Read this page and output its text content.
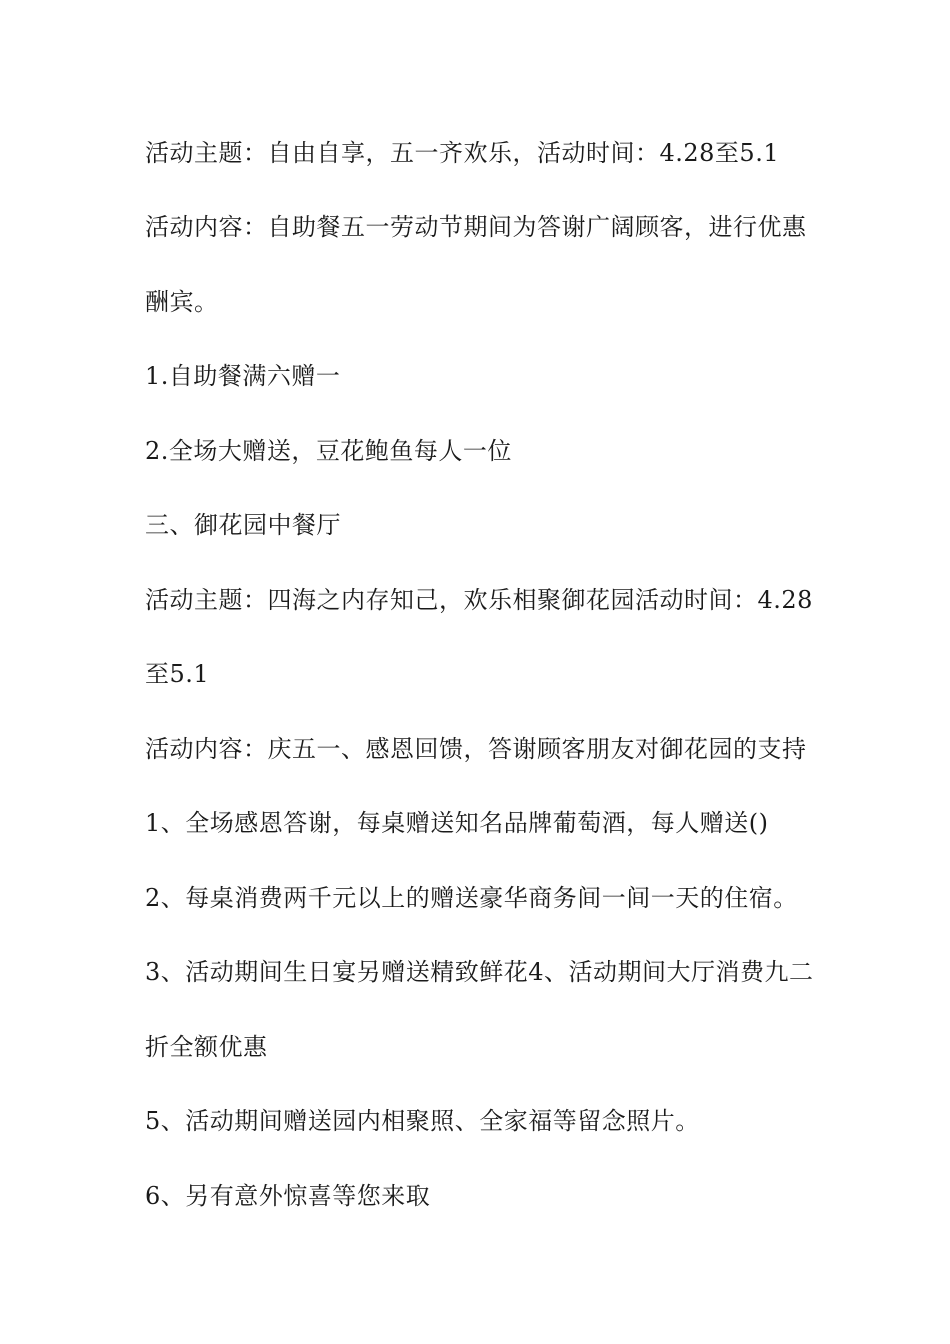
活动主题：自由自享，五一齐欢乐，活动时间：4.28至5.1

活动内容：自助餐五一劳动节期间为答谢广阔顾客，进行优惠

酬宾。

1.自助餐满六赠一

2.全场大赠送，豆花鲍鱼每人一位

三、御花园中餐厅

活动主题：四海之内存知己，欢乐相聚御花园活动时间：4.28

至5.1

活动内容：庆五一、感恩回馈，答谢顾客朋友对御花园的支持

1、全场感恩答谢，每桌赠送知名品牌葡萄酒，每人赠送()

2、每桌消费两千元以上的赠送豪华商务间一间一天的住宿。

3、活动期间生日宴另赠送精致鲜花4、活动期间大厅消费九二

折全额优惠

5、活动期间赠送园内相聚照、全家福等留念照片。

6、另有意外惊喜等您来取
